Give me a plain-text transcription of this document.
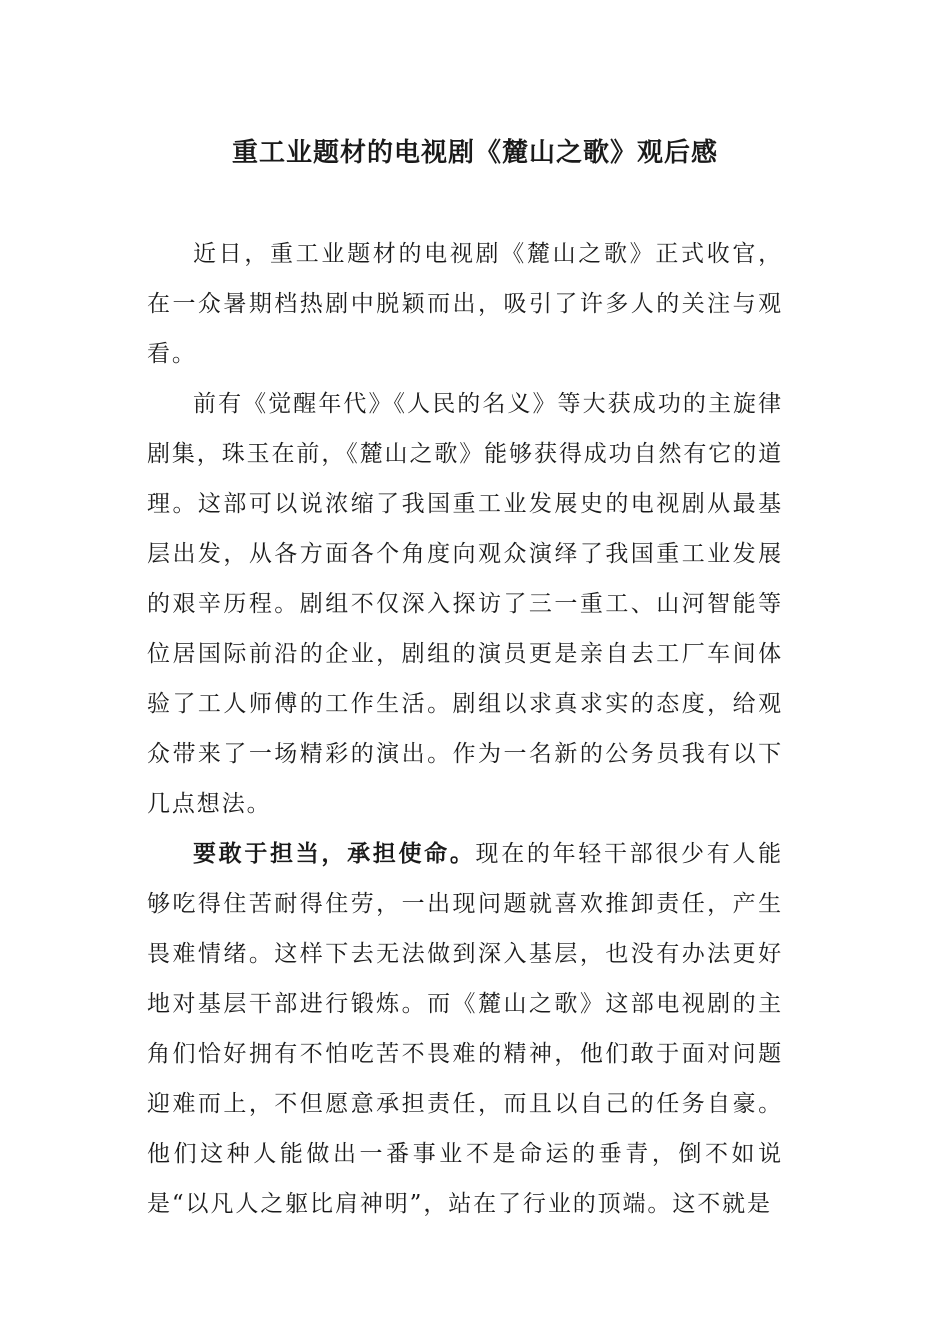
重工业题材的电视剧《麓山之歌》观后感

近日，重工业题材的电视剧《麓山之歌》正式收官，在一众暑期档热剧中脱颖而出，吸引了许多人的关注与观看。

前有《觉醒年代》《人民的名义》等大获成功的主旋律剧集，珠玉在前，《麓山之歌》能够获得成功自然有它的道理。这部可以说浓缩了我国重工业发展史的电视剧从最基层出发，从各方面各个角度向观众演绎了我国重工业发展的艰辛历程。剧组不仅深入探访了三一重工、山河智能等位居国际前沿的企业，剧组的演员更是亲自去工厂车间体验了工人师傅的工作生活。剧组以求真求实的态度，给观众带来了一场精彩的演出。作为一名新的公务员我有以下几点想法。

要敢于担当，承担使命。现在的年轻干部很少有人能够吃得住苦耐得住劳，一出现问题就喜欢推卸责任，产生畏难情绪。这样下去无法做到深入基层，也没有办法更好地对基层干部进行锻炼。而《麓山之歌》这部电视剧的主角们恰好拥有不怕吃苦不畏难的精神，他们敢于面对问题迎难而上，不但愿意承担责任，而且以自己的任务自豪。他们这种人能做出一番事业不是命运的垂青，倒不如说是“以凡人之躯比肩神明”，站在了行业的顶端。这不就是
